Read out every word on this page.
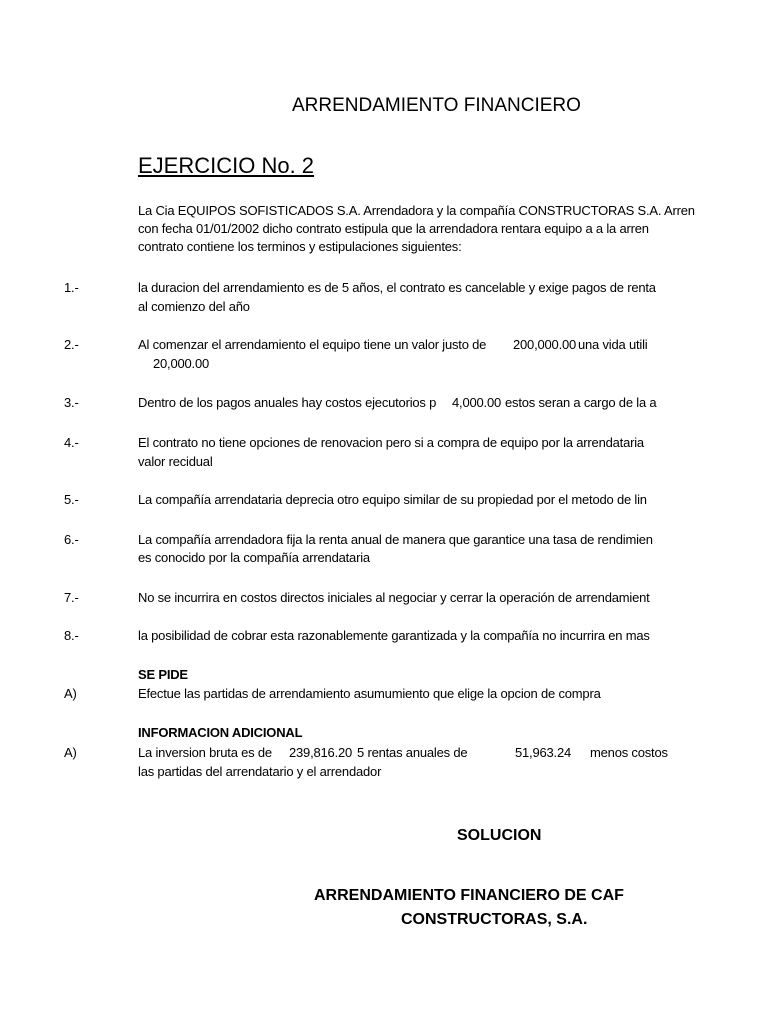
ARRENDAMIENTO FINANCIERO
EJERCICIO No. 2
La Cia EQUIPOS SOFISTICADOS S.A. Arrendadora y la compañía CONSTRUCTORAS S.A. Arren
con fecha 01/01/2002 dicho contrato estipula que la arrendadora rentara equipo a a la arren
contrato contiene los terminos y estipulaciones siguientes:
1.-	la duracion del arrendamiento es de 5 años, el contrato es cancelable y exige pagos de renta
al comienzo del año
2.-	Al comenzar el arrendamiento el equipo tiene un valor justo de 200,000.00 una vida utili
20,000.00
3.-	Dentro de los pagos anuales hay costos ejecutorios p 4,000.00 estos seran a cargo de la a
4.-	El contrato no tiene opciones de renovacion pero si a compra de equipo por la arrendataria
valor recidual
5.-	La compañía arrendataria deprecia otro equipo similar de su propiedad por el metodo de lin
6.-	La compañía arrendadora fija la renta anual de manera que garantice una tasa de rendimien
es conocido por la compañía arrendataria
7.-	No se incurrira en costos directos iniciales al negociar y cerrar la operación de arrendamient
8.-	la posibilidad de cobrar esta razonablemente garantizada y la compañía no incurrira en mas
SE PIDE
A)	Efectue las partidas de arrendamiento asumumiento que elige la opcion de compra
INFORMACION ADICIONAL
A)	La inversion bruta es de 239,816.20 5 rentas anuales de	51,963.24 menos costos
las partidas del arrendatario y el arrendador
SOLUCION
ARRENDAMIENTO FINANCIERO DE CAF
CONSTRUCTORAS, S.A.
